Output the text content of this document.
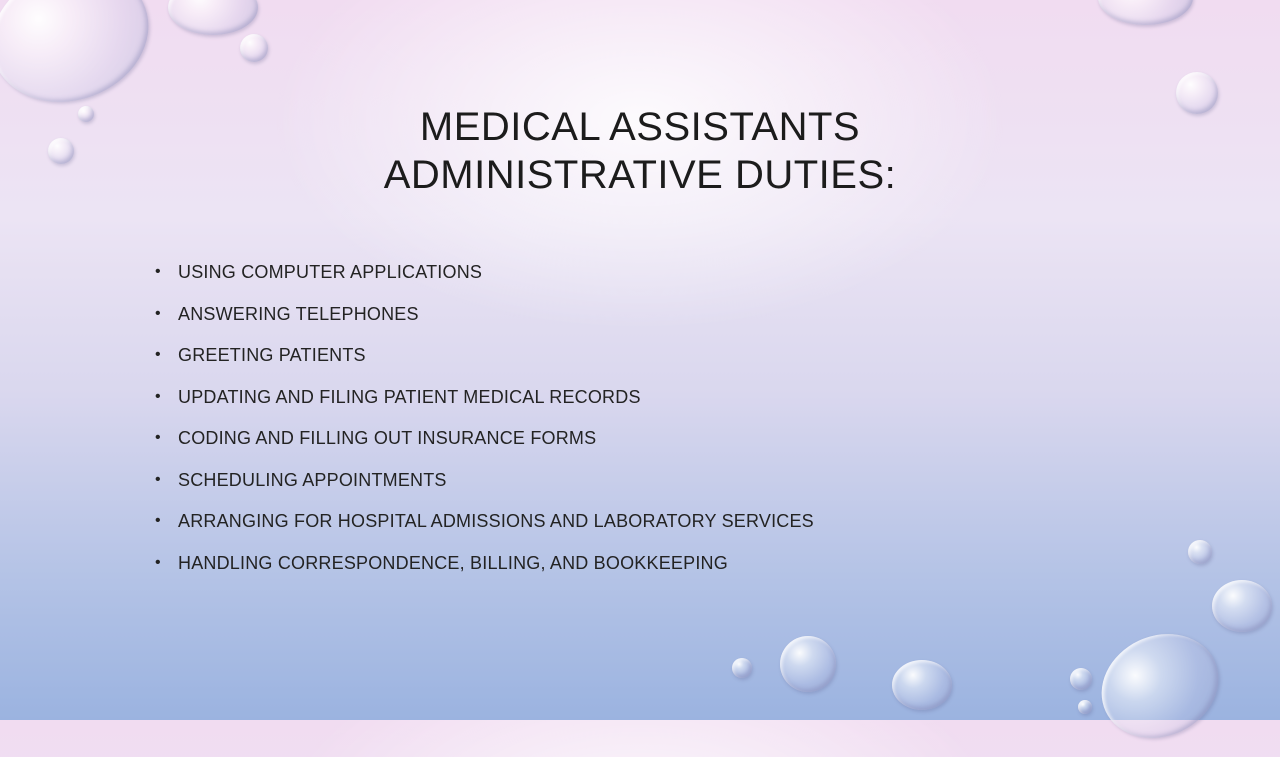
MEDICAL ASSISTANTS
ADMINISTRATIVE DUTIES:
• USING COMPUTER APPLICATIONS
• ANSWERING TELEPHONES
• GREETING PATIENTS
• UPDATING AND FILING PATIENT MEDICAL RECORDS
• CODING AND FILLING OUT INSURANCE FORMS
• SCHEDULING APPOINTMENTS
• ARRANGING FOR HOSPITAL ADMISSIONS AND LABORATORY SERVICES
• HANDLING CORRESPONDENCE, BILLING, AND BOOKKEEPING
